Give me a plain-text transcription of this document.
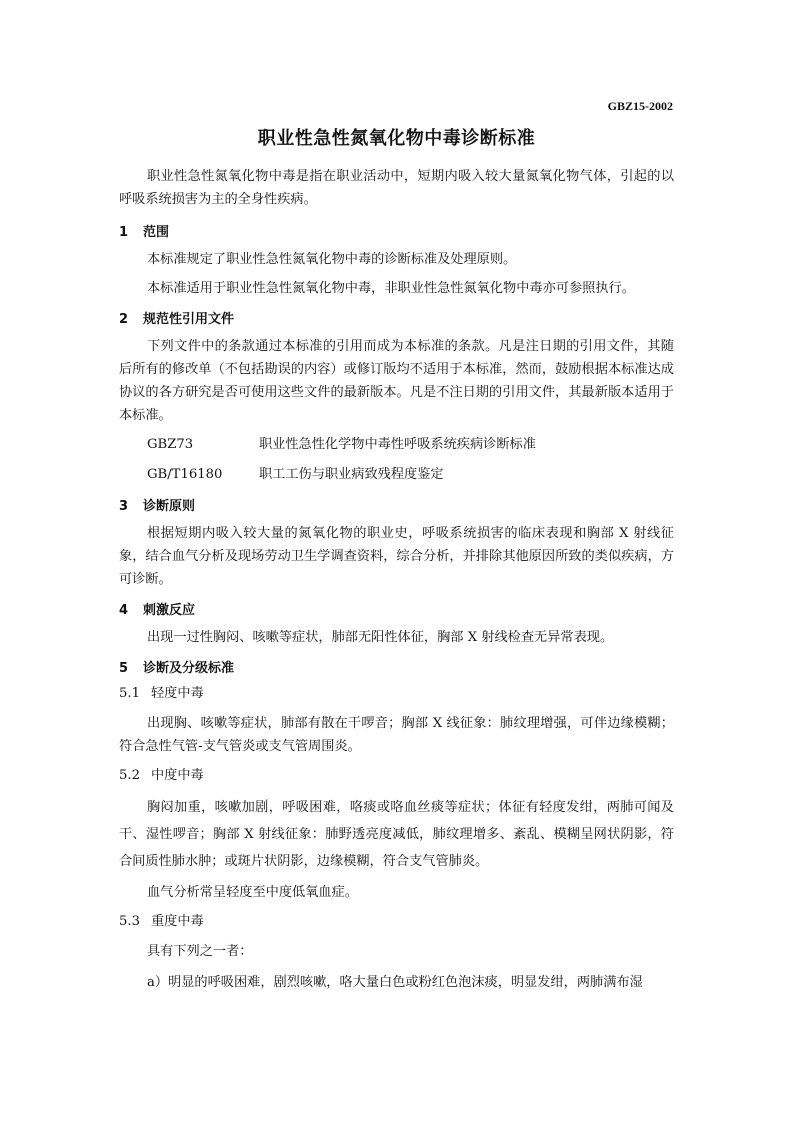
GBZ15-2002
职业性急性氮氧化物中毒诊断标准

职业性急性氮氧化物中毒是指在职业活动中，短期内吸入较大量氮氧化物气体，引起的以呼吸系统损害为主的全身性疾病。

1 范围

本标准规定了职业性急性氮氧化物中毒的诊断标准及处理原则。

本标准适用于职业性急性氮氧化物中毒，非职业性急性氮氧化物中毒亦可参照执行。

2 规范性引用文件

下列文件中的条款通过本标准的引用而成为本标准的条款。凡是注日期的引用文件，其随后所有的修改单（不包括勘误的内容）或修订版均不适用于本标准，然而，鼓励根据本标准达成协议的各方研究是否可使用这些文件的最新版本。凡是不注日期的引用文件，其最新版本适用于本标准。

GBZ73	职业性急性化学物中毒性呼吸系统疾病诊断标准
GB/T16180	职工工伤与职业病致残程度鉴定

3 诊断原则

根据短期内吸入较大量的氮氧化物的职业史，呼吸系统损害的临床表现和胸部 X 射线征象，结合血气分析及现场劳动卫生学调查资料，综合分析，并排除其他原因所致的类似疾病，方可诊断。

4 刺激反应

出现一过性胸闷、咳嗽等症状，肺部无阳性体征，胸部 X 射线检查无异常表现。

5 诊断及分级标准

5.1 轻度中毒

出现胸、咳嗽等症状，肺部有散在干啰音；胸部 X 线征象：肺纹理增强，可伴边缘模糊；符合急性气管-支气管炎或支气管周围炎。

5.2 中度中毒

胸闷加重，咳嗽加剧，呼吸困难，咯痰或咯血丝痰等症状；体征有轻度发绀，两肺可闻及干、湿性啰音；胸部 X 射线征象：肺野透亮度减低，肺纹理增多、紊乱、模糊呈网状阴影，符合间质性肺水肿；或斑片状阴影，边缘模糊，符合支气管肺炎。

血气分析常呈轻度至中度低氧血症。

5.3 重度中毒

具有下列之一者：

a）明显的呼吸困难，剧烈咳嗽，咯大量白色或粉红色泡沫痰，明显发绀，两肺满布湿
